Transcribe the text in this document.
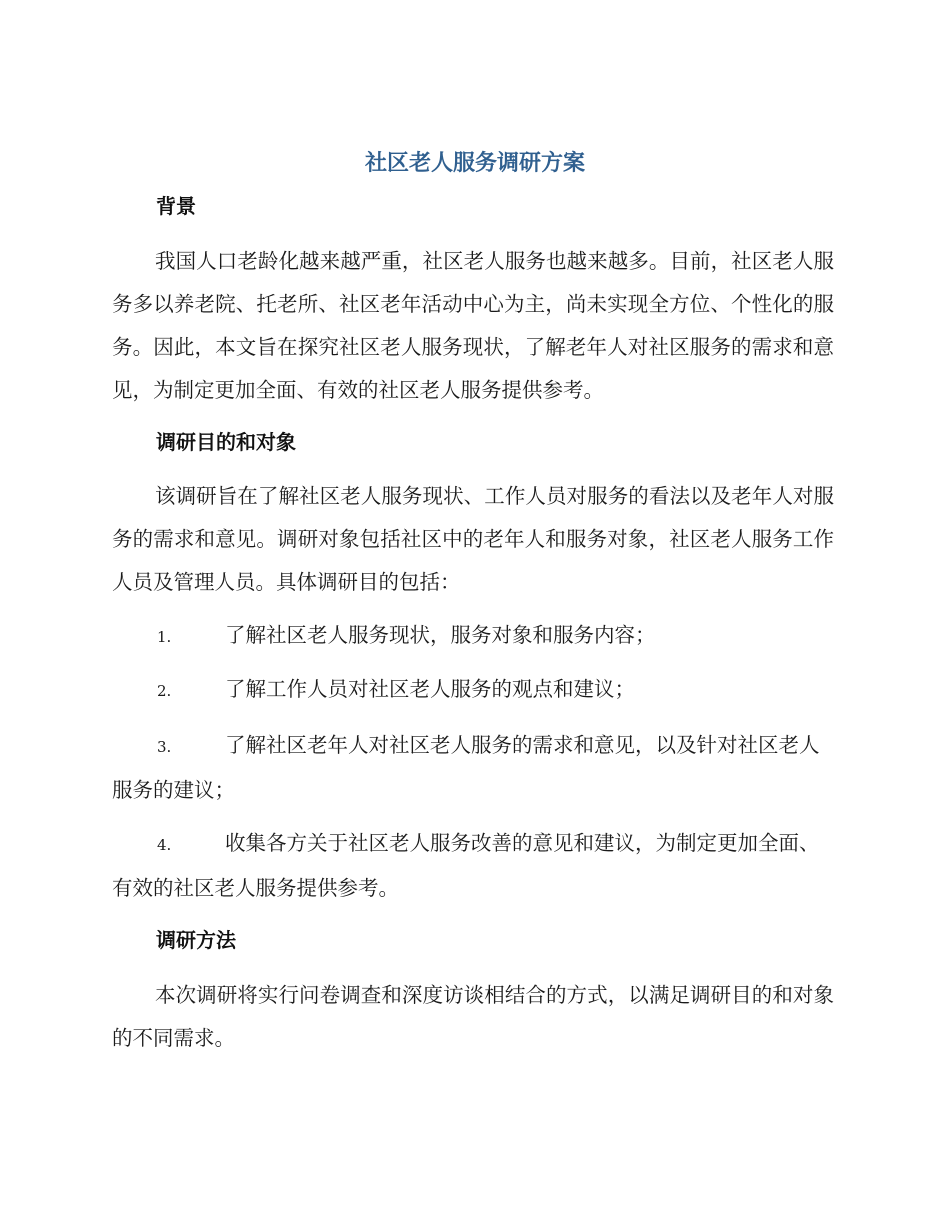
社区老人服务调研方案
背景

我国人口老龄化越来越严重，社区老人服务也越来越多。目前，社区老人服务多以养老院、托老所、社区老年活动中心为主，尚未实现全方位、个性化的服务。因此，本文旨在探究社区老人服务现状，了解老年人对社区服务的需求和意见，为制定更加全面、有效的社区老人服务提供参考。

调研目的和对象

该调研旨在了解社区老人服务现状、工作人员对服务的看法以及老年人对服务的需求和意见。调研对象包括社区中的老年人和服务对象，社区老人服务工作人员及管理人员。具体调研目的包括：

1.	了解社区老人服务现状，服务对象和服务内容；
2.	了解工作人员对社区老人服务的观点和建议；
3.	了解社区老年人对社区老人服务的需求和意见，以及针对社区老人服务的建议；
4.	收集各方关于社区老人服务改善的意见和建议，为制定更加全面、有效的社区老人服务提供参考。
调研方法

本次调研将实行问卷调查和深度访谈相结合的方式，以满足调研目的和对象的不同需求。
